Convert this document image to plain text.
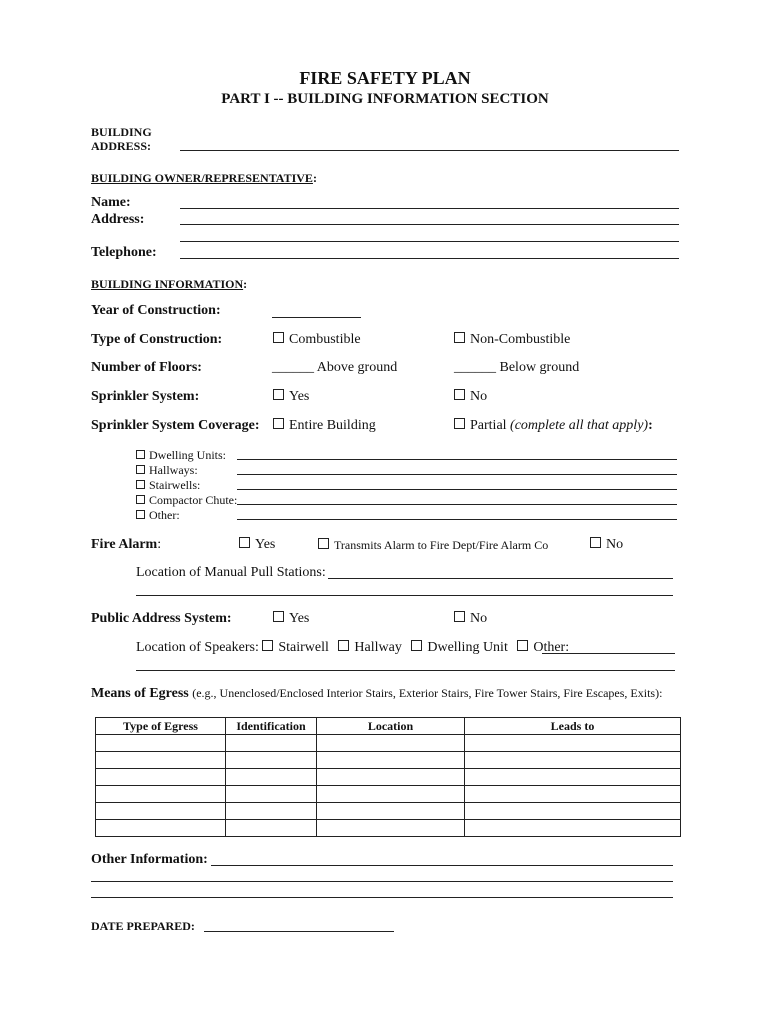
FIRE SAFETY PLAN
PART I -- BUILDING INFORMATION SECTION
BUILDING
ADDRESS:
BUILDING OWNER/REPRESENTATIVE:
Name:
Address:
Telephone:
BUILDING INFORMATION:
Year of Construction:
Type of Construction:	Combustible	Non-Combustible
Number of Floors:	______ Above ground	______ Below ground
Sprinkler System:	Yes	No
Sprinkler System Coverage:	Entire Building	Partial (complete all that apply):
Dwelling Units:
Hallways:
Stairwells:
Compactor Chute:
Other:
Fire Alarm:	Yes	Transmits Alarm to Fire Dept/Fire Alarm Co	No
Location of Manual Pull Stations:
Public Address System:	Yes	No
Location of Speakers: Stairwell Hallway Dwelling Unit Other:
Means of Egress (e.g., Unenclosed/Enclosed Interior Stairs, Exterior Stairs, Fire Tower Stairs, Fire Escapes, Exits):
Type of Egress	Identification	Location	Leads to

Other Information:
DATE PREPARED:
